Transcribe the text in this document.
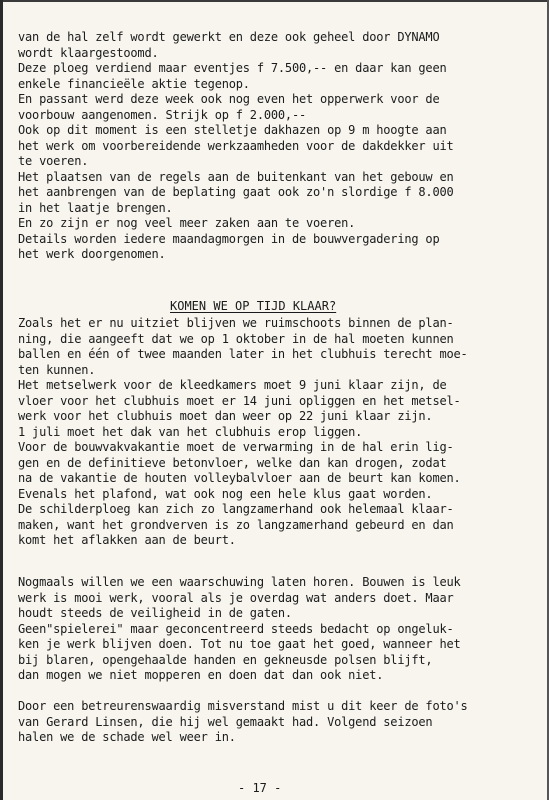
van de hal zelf wordt gewerkt en deze ook geheel door DYNAMO
wordt klaargestoomd.
Deze ploeg verdiend maar eventjes f 7.500,-- en daar kan geen
enkele financieële aktie tegenop.
En passant werd deze week ook nog even het opperwerk voor de
voorbouw aangenomen. Strijk op f 2.000,--
Ook op dit moment is een stelletje dakhazen op 9 m hoogte aan
het werk om voorbereidende werkzaamheden voor de dakdekker uit
te voeren.
Het plaatsen van de regels aan de buitenkant van het gebouw en
het aanbrengen van de beplating gaat ook zo'n slordige f 8.000
in het laatje brengen.
En zo zijn er nog veel meer zaken aan te voeren.
Details worden iedere maandagmorgen in de bouwvergadering op
het werk doorgenomen.
KOMEN WE OP TIJD KLAAR?
Zoals het er nu uitziet blijven we ruimschoots binnen de plan-
ning, die aangeeft dat we op 1 oktober in de hal moeten kunnen
ballen en één of twee maanden later in het clubhuis terecht moe-
ten kunnen.
Het metselwerk voor de kleedkamers moet 9 juni klaar zijn, de
vloer voor het clubhuis moet er 14 juni opliggen en het metsel-
werk voor het clubhuis moet dan weer op 22 juni klaar zijn.
1 juli moet het dak van het clubhuis erop liggen.
Voor de bouwvakvakantie moet de verwarming in de hal erin lig-
gen en de definitieve betonvloer, welke dan kan drogen, zodat
na de vakantie de houten volleybalvloer aan de beurt kan komen.
Evenals het plafond, wat ook nog een hele klus gaat worden.
De schilderploeg kan zich zo langzamerhand ook helemaal klaar-
maken, want het grondverven is zo langzamerhand gebeurd en dan
komt het aflakken aan de beurt.
Nogmaals willen we een waarschuwing laten horen. Bouwen is leuk
werk is mooi werk, vooral als je overdag wat anders doet. Maar
houdt steeds de veiligheid in de gaten.
Geen"spielerei" maar geconcentreerd steeds bedacht op ongeluk-
ken je werk blijven doen. Tot nu toe gaat het goed, wanneer het
bij blaren, opengehaalde handen en gekneusde polsen blijft,
dan mogen we niet mopperen en doen dat dan ook niet.
Door een betreurenswaardig misverstand mist u dit keer de foto's
van Gerard Linsen, die hij wel gemaakt had. Volgend seizoen
halen we de schade wel weer in.
- 17 -
